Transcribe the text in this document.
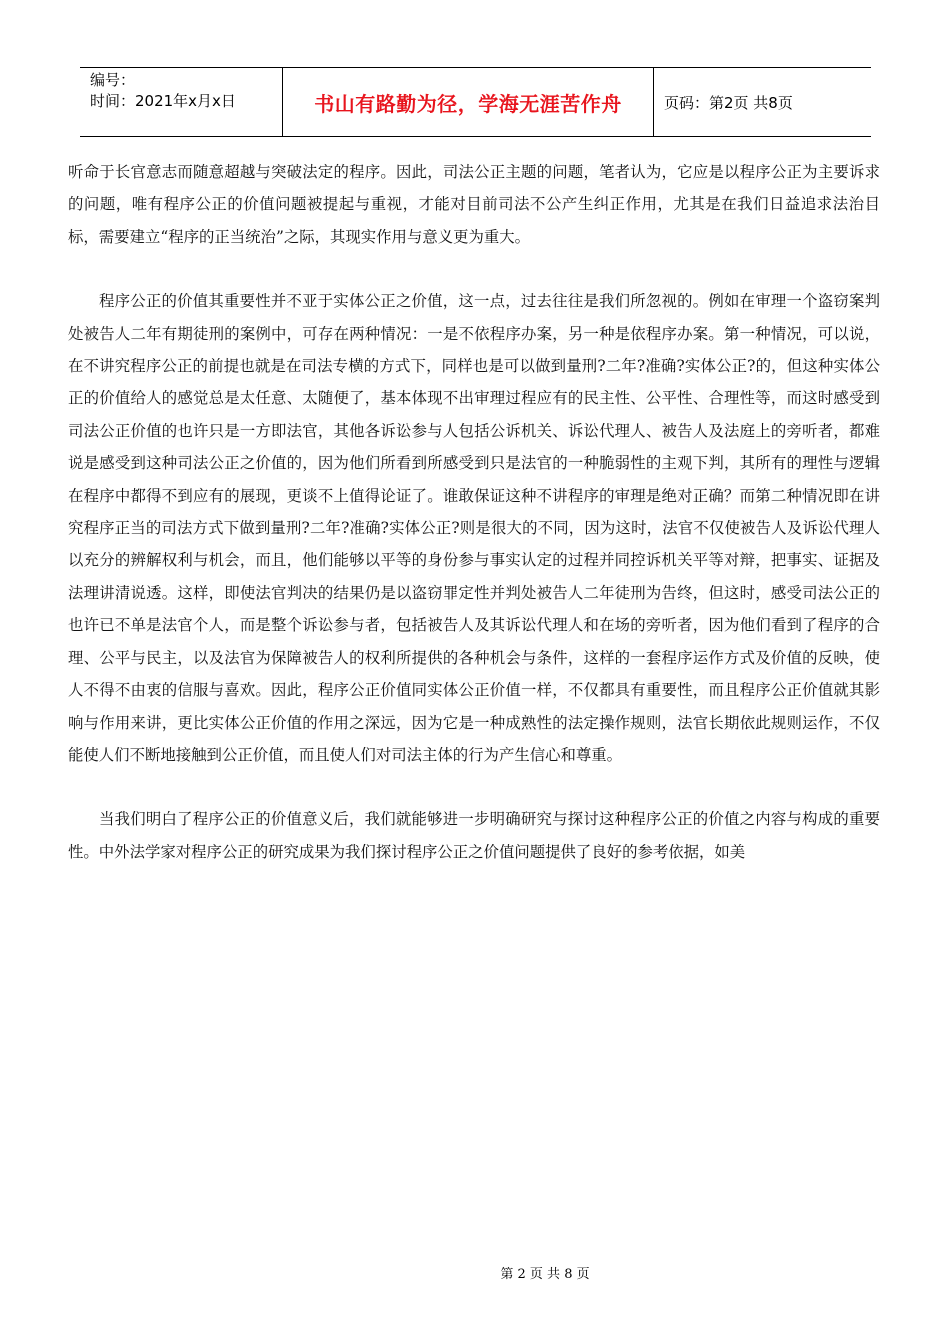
编号：
时间：2021年x月x日	书山有路勤为径，学海无涯苦作舟	页码：第2页 共8页

听命于长官意志而随意超越与突破法定的程序。因此，司法公正主题的问题，笔者认为，它应是以程序公正为主要诉求的问题，唯有程序公正的价值问题被提起与重视，才能对目前司法不公产生纠正作用，尤其是在我们日益追求法治目标，需要建立“程序的正当统治”之际，其现实作用与意义更为重大。

程序公正的价值其重要性并不亚于实体公正之价值，这一点，过去往往是我们所忽视的。例如在审理一个盗窃案判处被告人二年有期徒刑的案例中，可存在两种情况：一是不依程序办案，另一种是依程序办案。第一种情况，可以说，在不讲究程序公正的前提也就是在司法专横的方式下，同样也是可以做到量刑?二年?准确?实体公正?的，但这种实体公正的价值给人的感觉总是太任意、太随便了，基本体现不出审理过程应有的民主性、公平性、合理性等，而这时感受到司法公正价值的也许只是一方即法官，其他各诉讼参与人包括公诉机关、诉讼代理人、被告人及法庭上的旁听者，都难说是感受到这种司法公正之价值的，因为他们所看到所感受到只是法官的一种脆弱性的主观下判，其所有的理性与逻辑在程序中都得不到应有的展现，更谈不上值得论证了。谁敢保证这种不讲程序的审理是绝对正确？而第二种情况即在讲究程序正当的司法方式下做到量刑?二年?准确?实体公正?则是很大的不同，因为这时，法官不仅使被告人及诉讼代理人以充分的辨解权利与机会，而且，他们能够以平等的身份参与事实认定的过程并同控诉机关平等对辩，把事实、证据及法理讲清说透。这样，即使法官判决的结果仍是以盗窃罪定性并判处被告人二年徒刑为告终，但这时，感受司法公正的也许已不单是法官个人，而是整个诉讼参与者，包括被告人及其诉讼代理人和在场的旁听者，因为他们看到了程序的合理、公平与民主，以及法官为保障被告人的权利所提供的各种机会与条件，这样的一套程序运作方式及价值的反映，使人不得不由衷的信服与喜欢。因此，程序公正价值同实体公正价值一样，不仅都具有重要性，而且程序公正价值就其影响与作用来讲，更比实体公正价值的作用之深远，因为它是一种成熟性的法定操作规则，法官长期依此规则运作，不仅能使人们不断地接触到公正价值，而且使人们对司法主体的行为产生信心和尊重。

当我们明白了程序公正的价值意义后，我们就能够进一步明确研究与探讨这种程序公正的价值之内容与构成的重要性。中外法学家对程序公正的研究成果为我们探讨程序公正之价值问题提供了良好的参考依据，如美

第 2 页 共 8 页
